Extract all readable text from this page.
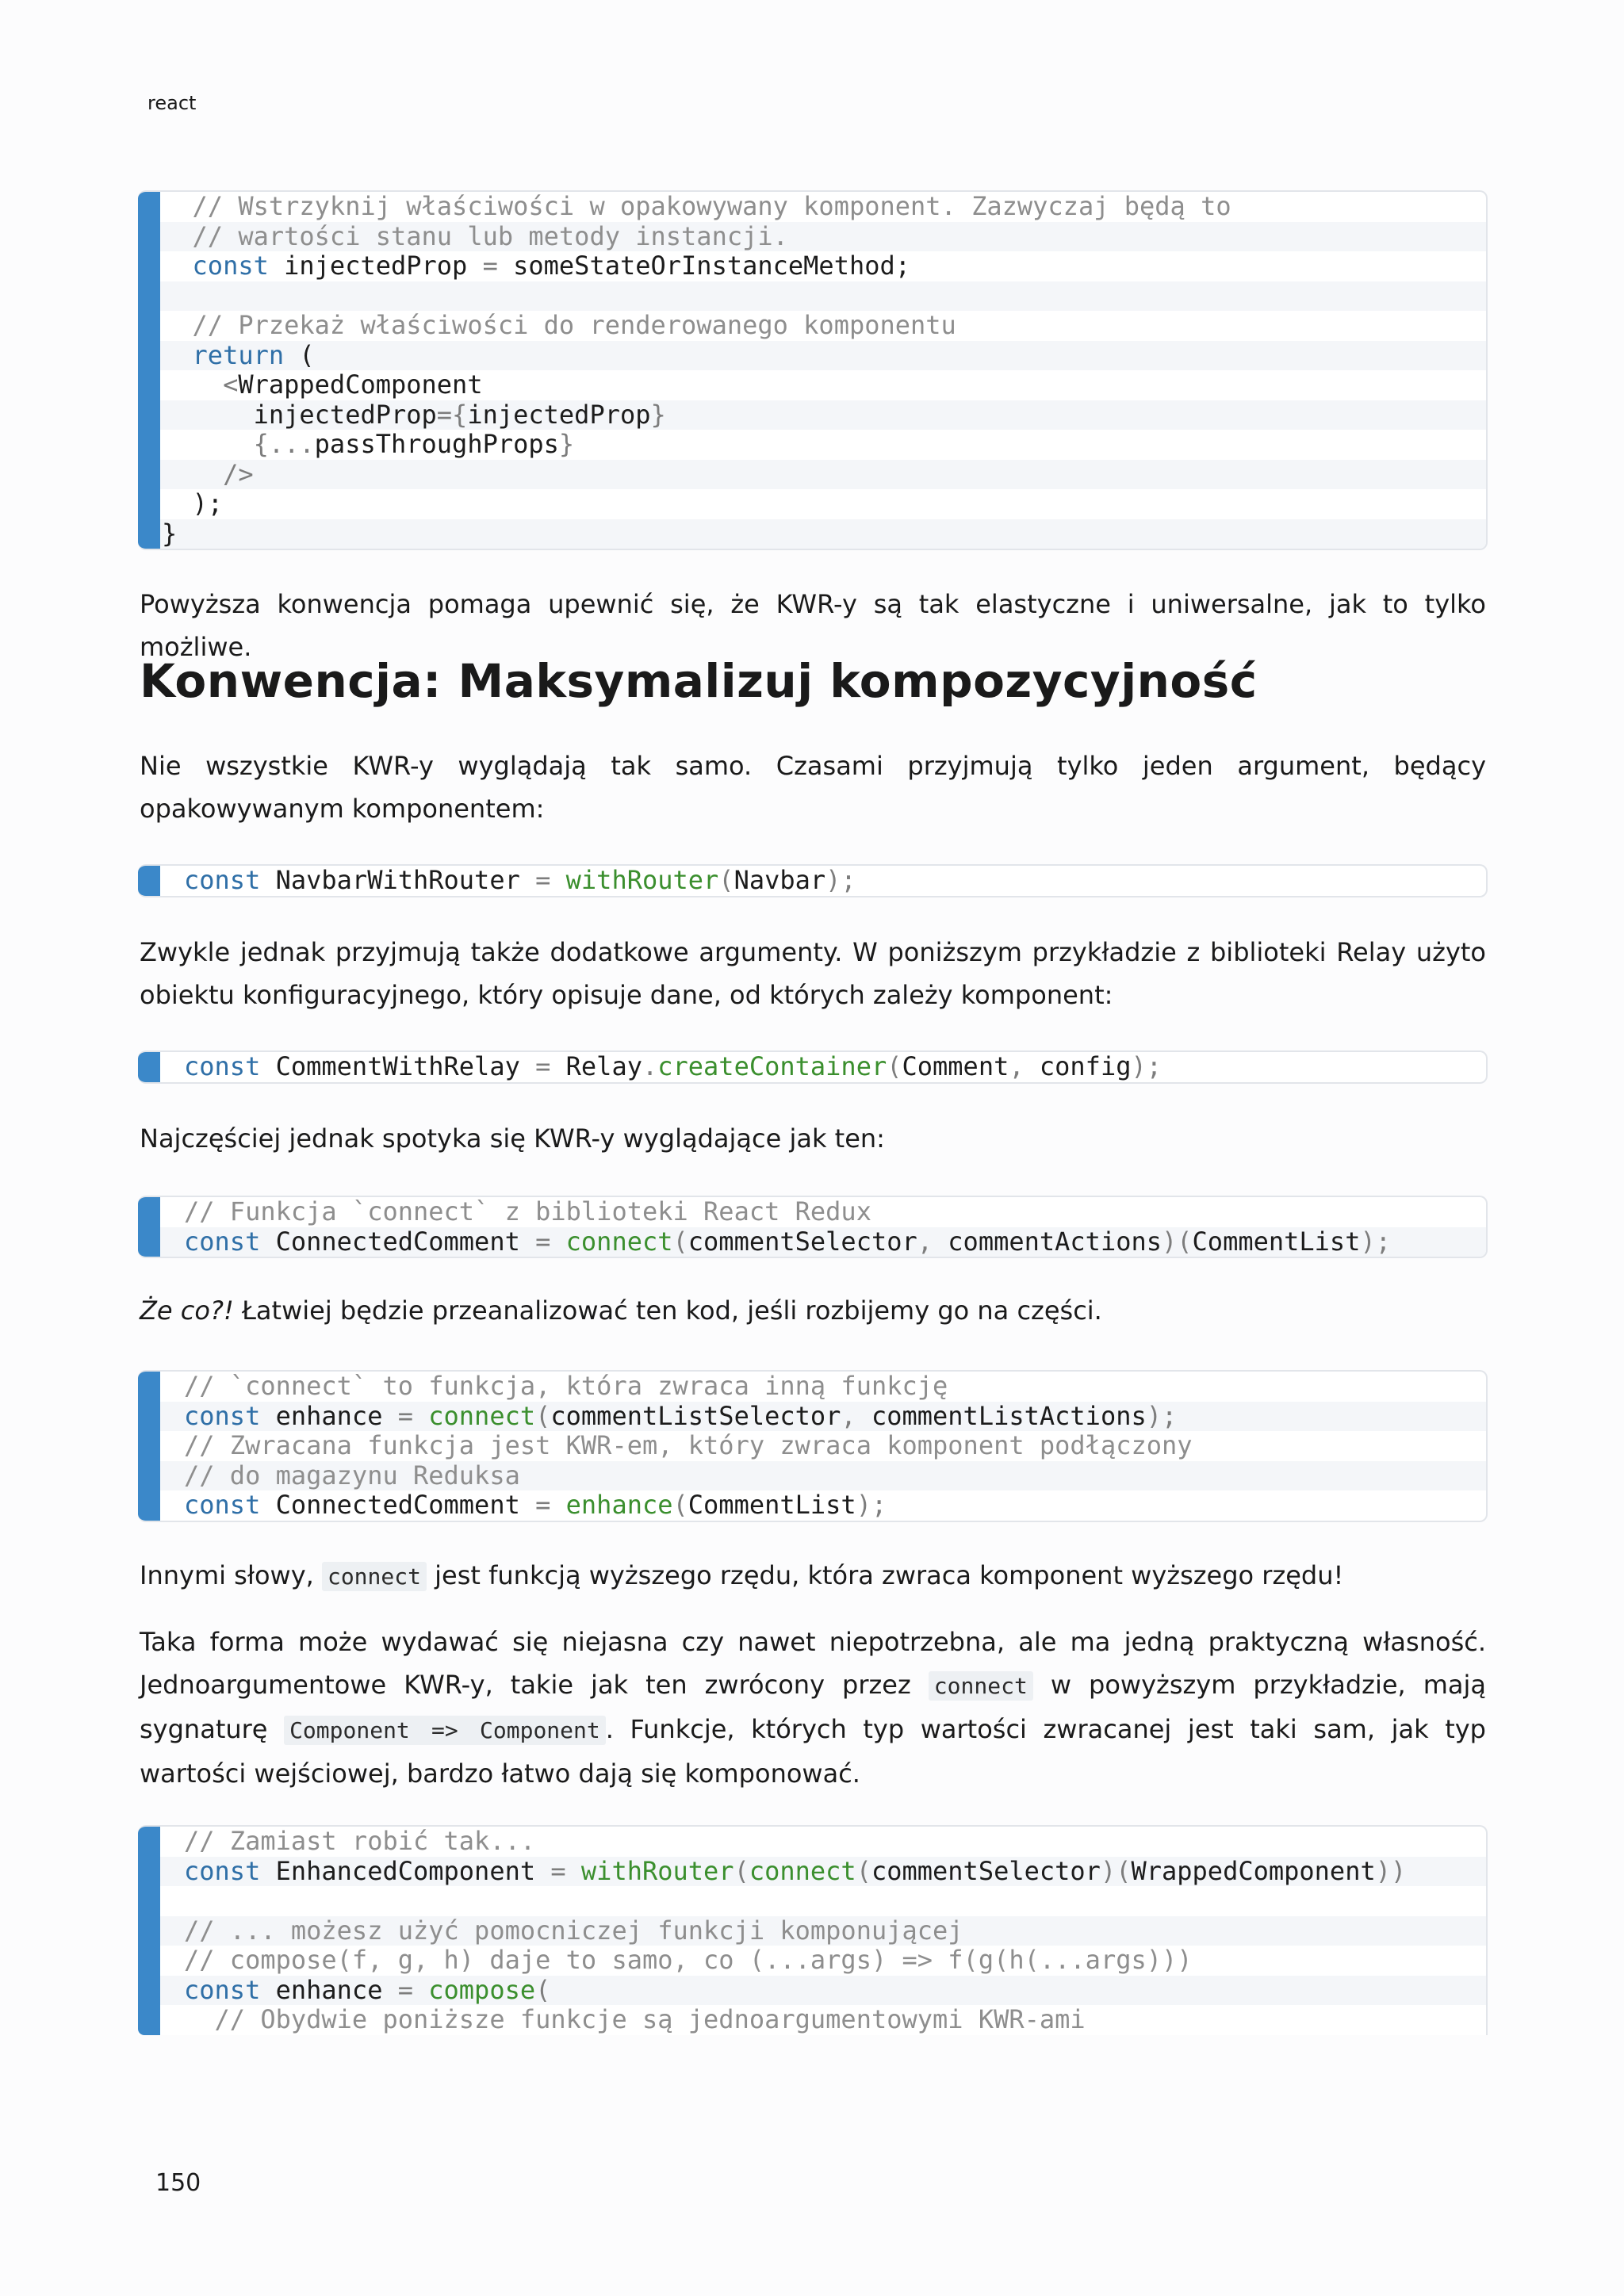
react
// Wstrzyknij właściwości w opakowywany komponent. Zazwyczaj będą to
// wartości stanu lub metody instancji.
const injectedProp = someStateOrInstanceMethod;
// Przekaż właściwości do renderowanego komponentu
return (
<WrappedComponent
injectedProp={injectedProp}
{...passThroughProps}
/>
);
}

Powyższa konwencja pomaga upewnić się, że KWR-y są tak elastyczne i uniwersalne, jak to tylko możliwe.

Konwencja: Maksymalizuj kompozycyjność

Nie wszystkie KWR-y wyglądają tak samo. Czasami przyjmują tylko jeden argument, będący opakowywanym komponentem:

const NavbarWithRouter = withRouter(Navbar);

Zwykle jednak przyjmują także dodatkowe argumenty. W poniższym przykładzie z biblioteki Relay użyto obiektu konfiguracyjnego, który opisuje dane, od których zależy komponent:

const CommentWithRelay = Relay.createContainer(Comment, config);

Najczęściej jednak spotyka się KWR-y wyglądające jak ten:

// Funkcja `connect` z biblioteki React Redux
const ConnectedComment = connect(commentSelector, commentActions)(CommentList);

Że co?! Łatwiej będzie przeanalizować ten kod, jeśli rozbijemy go na części.

// `connect` to funkcja, która zwraca inną funkcję
const enhance = connect(commentListSelector, commentListActions);
// Zwracana funkcja jest KWR-em, który zwraca komponent podłączony
// do magazynu Reduksa
const ConnectedComment = enhance(CommentList);

Innymi słowy, connect jest funkcją wyższego rzędu, która zwraca komponent wyższego rzędu!

Taka forma może wydawać się niejasna czy nawet niepotrzebna, ale ma jedną praktyczną własność. Jednoargumentowe KWR-y, takie jak ten zwrócony przez connect w powyższym przykładzie, mają sygnaturę Component => Component . Funkcje, których typ wartości zwracanej jest taki sam, jak typ wartości wejściowej, bardzo łatwo dają się komponować.

// Zamiast robić tak...
const EnhancedComponent = withRouter(connect(commentSelector)(WrappedComponent))
// ... możesz użyć pomocniczej funkcji komponującej
// compose(f, g, h) daje to samo, co (...args) => f(g(h(...args)))
const enhance = compose(
// Obydwie poniższe funkcje są jednoargumentowymi KWR-ami
150
